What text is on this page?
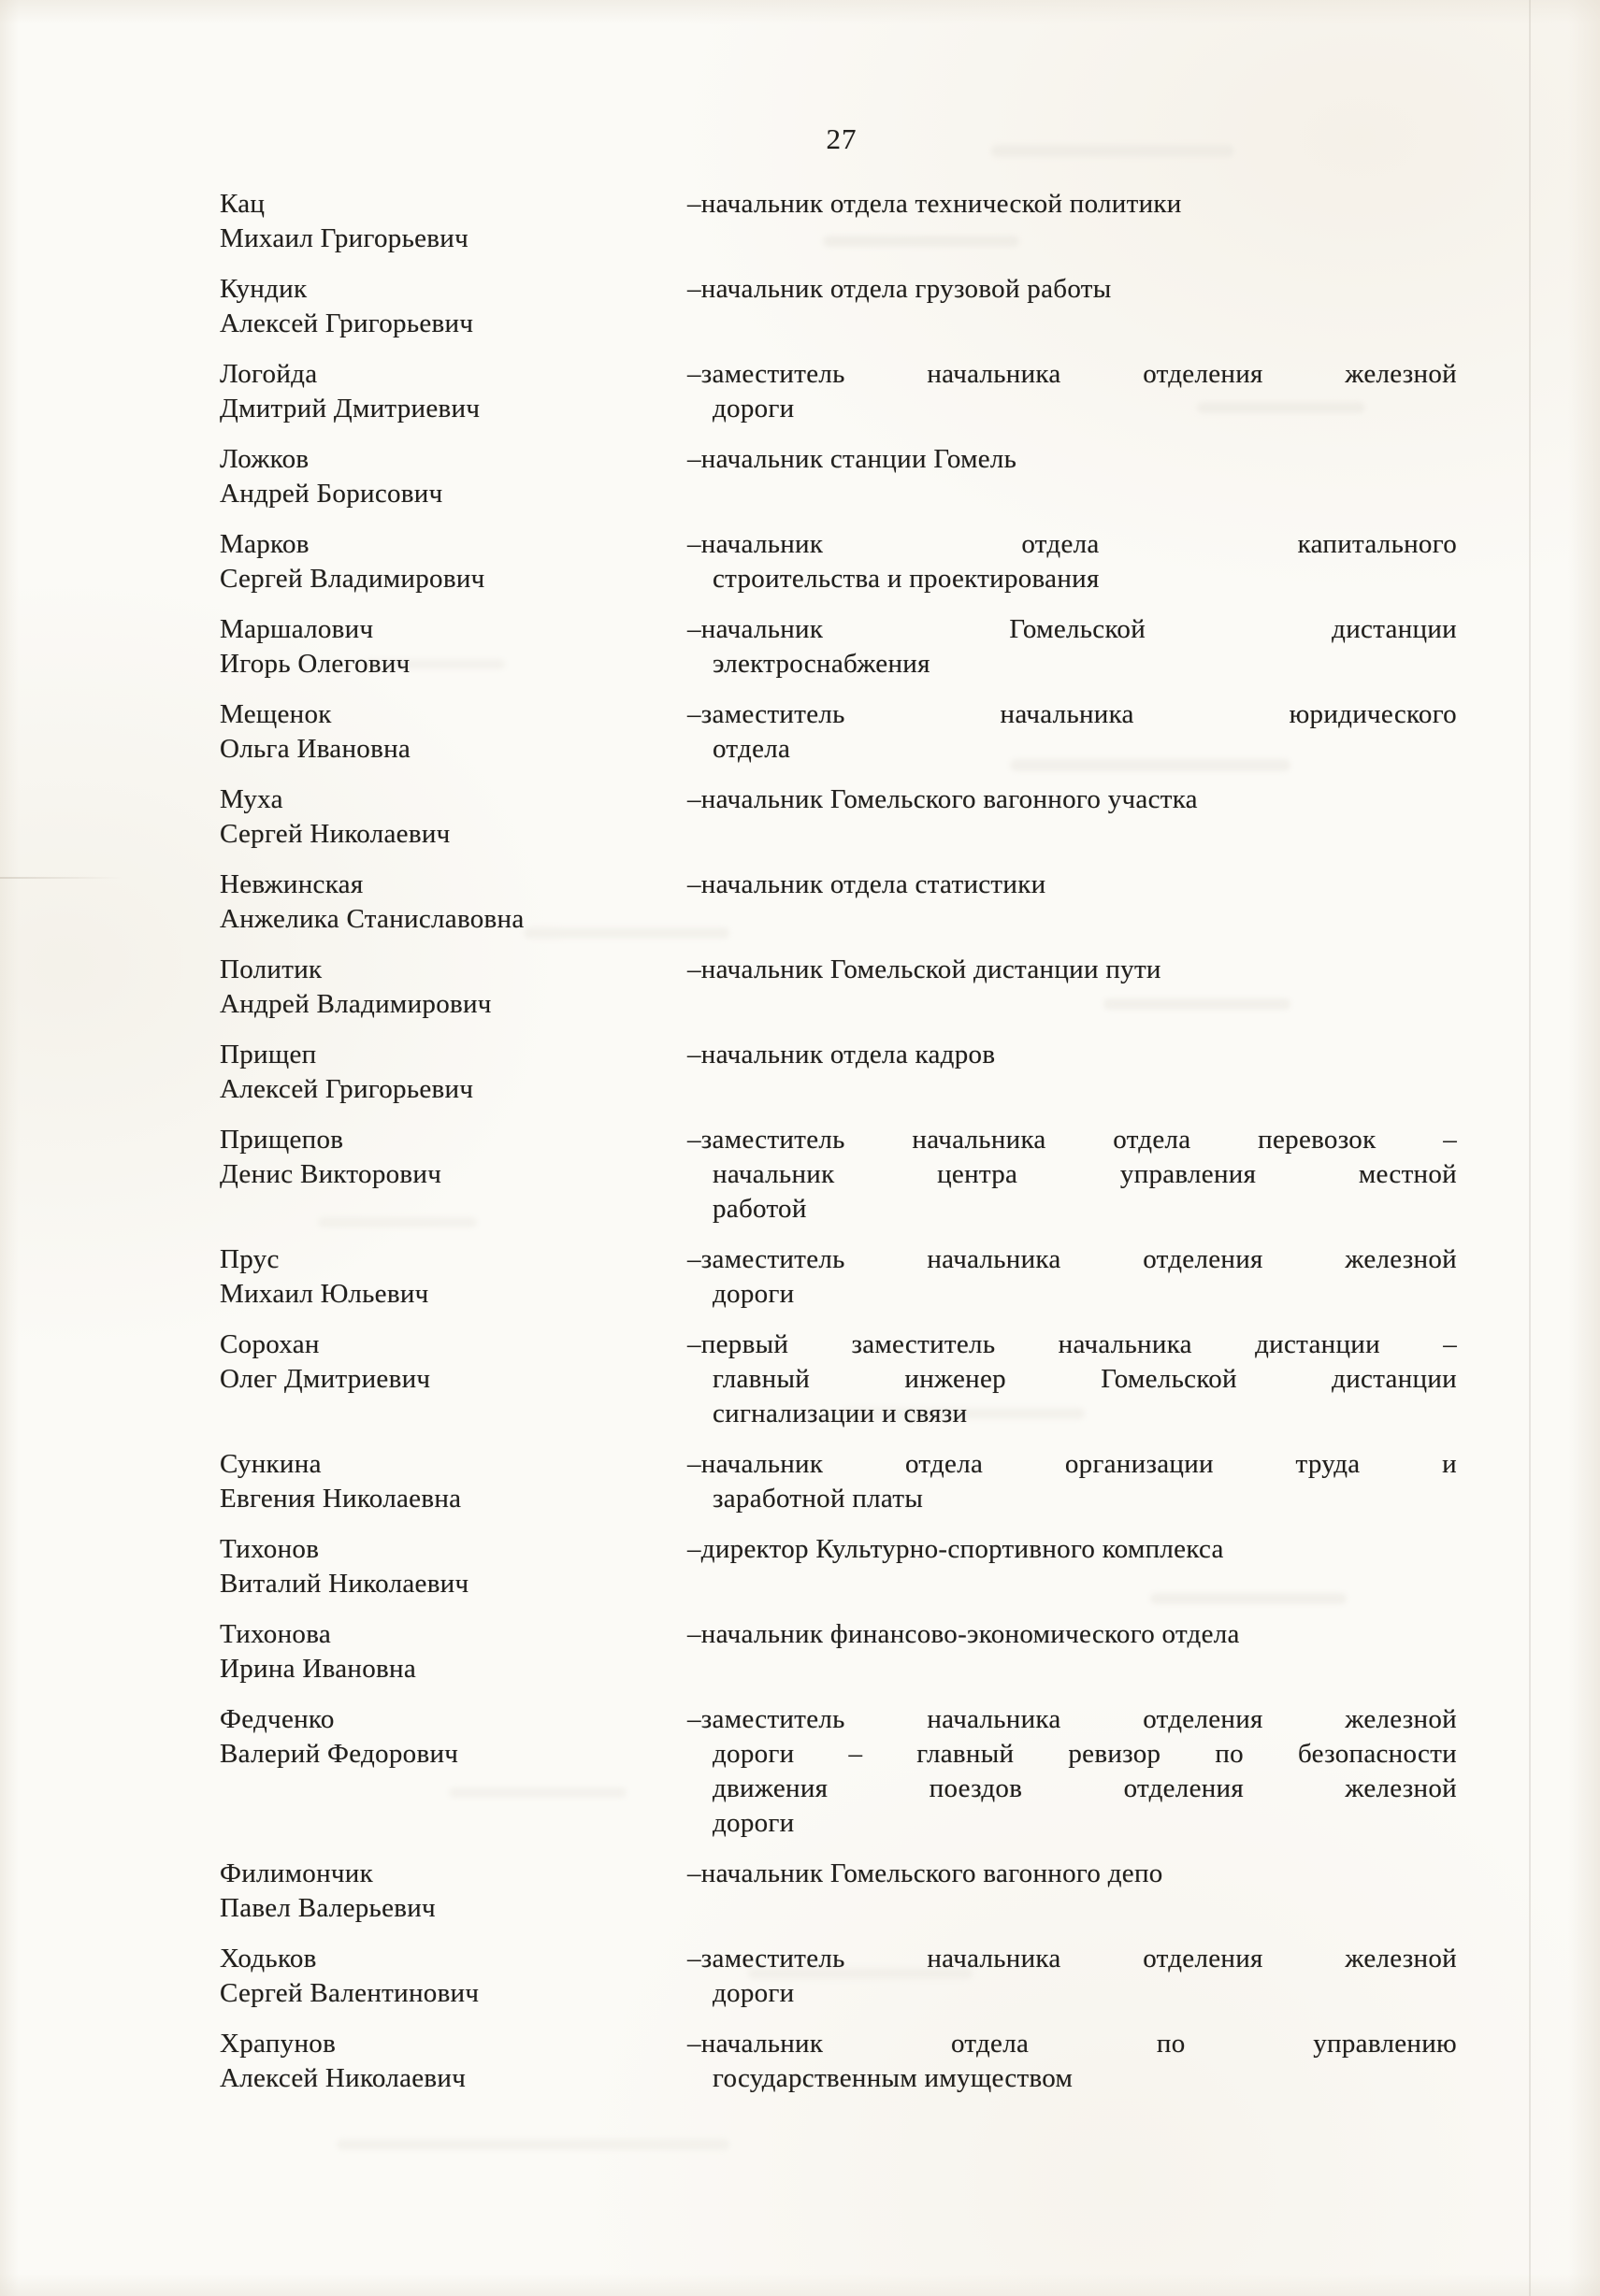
27
Кац
Михаил Григорьевич
–начальник отдела технической политики
Кундик
Алексей Григорьевич
–начальник отдела грузовой работы
Логойда
Дмитрий Дмитриевич
–заместитель начальника отделения железной
дороги
Ложков
Андрей Борисович
–начальник станции Гомель
Марков
Сергей Владимирович
–начальник отдела капитального
строительства и проектирования
Маршалович
Игорь Олегович
–начальник Гомельской дистанции
электроснабжения
Мещенок
Ольга Ивановна
–заместитель начальника юридического
отдела
Муха
Сергей Николаевич
–начальник Гомельского вагонного участка
Невжинская
Анжелика Станиславовна
–начальник отдела статистики
Политик
Андрей Владимирович
–начальник Гомельской дистанции пути
Прищеп
Алексей Григорьевич
–начальник отдела кадров
Прищепов
Денис Викторович
–заместитель начальника отдела перевозок –
начальник центра управления местной
работой
Прус
Михаил Юльевич
–заместитель начальника отделения железной
дороги
Сорохан
Олег Дмитриевич
–первый заместитель начальника дистанции –
главный инженер Гомельской дистанции
сигнализации и связи
Сункина
Евгения Николаевна
–начальник отдела организации труда и
заработной платы
Тихонов
Виталий Николаевич
–директор Культурно-спортивного комплекса
Тихонова
Ирина Ивановна
–начальник финансово-экономического отдела
Федченко
Валерий Федорович
–заместитель начальника отделения железной
дороги – главный ревизор по безопасности
движения поездов отделения железной
дороги
Филимончик
Павел Валерьевич
–начальник Гомельского вагонного депо
Ходьков
Сергей Валентинович
–заместитель начальника отделения железной
дороги
Храпунов
Алексей Николаевич
–начальник отдела по управлению
государственным имуществом
